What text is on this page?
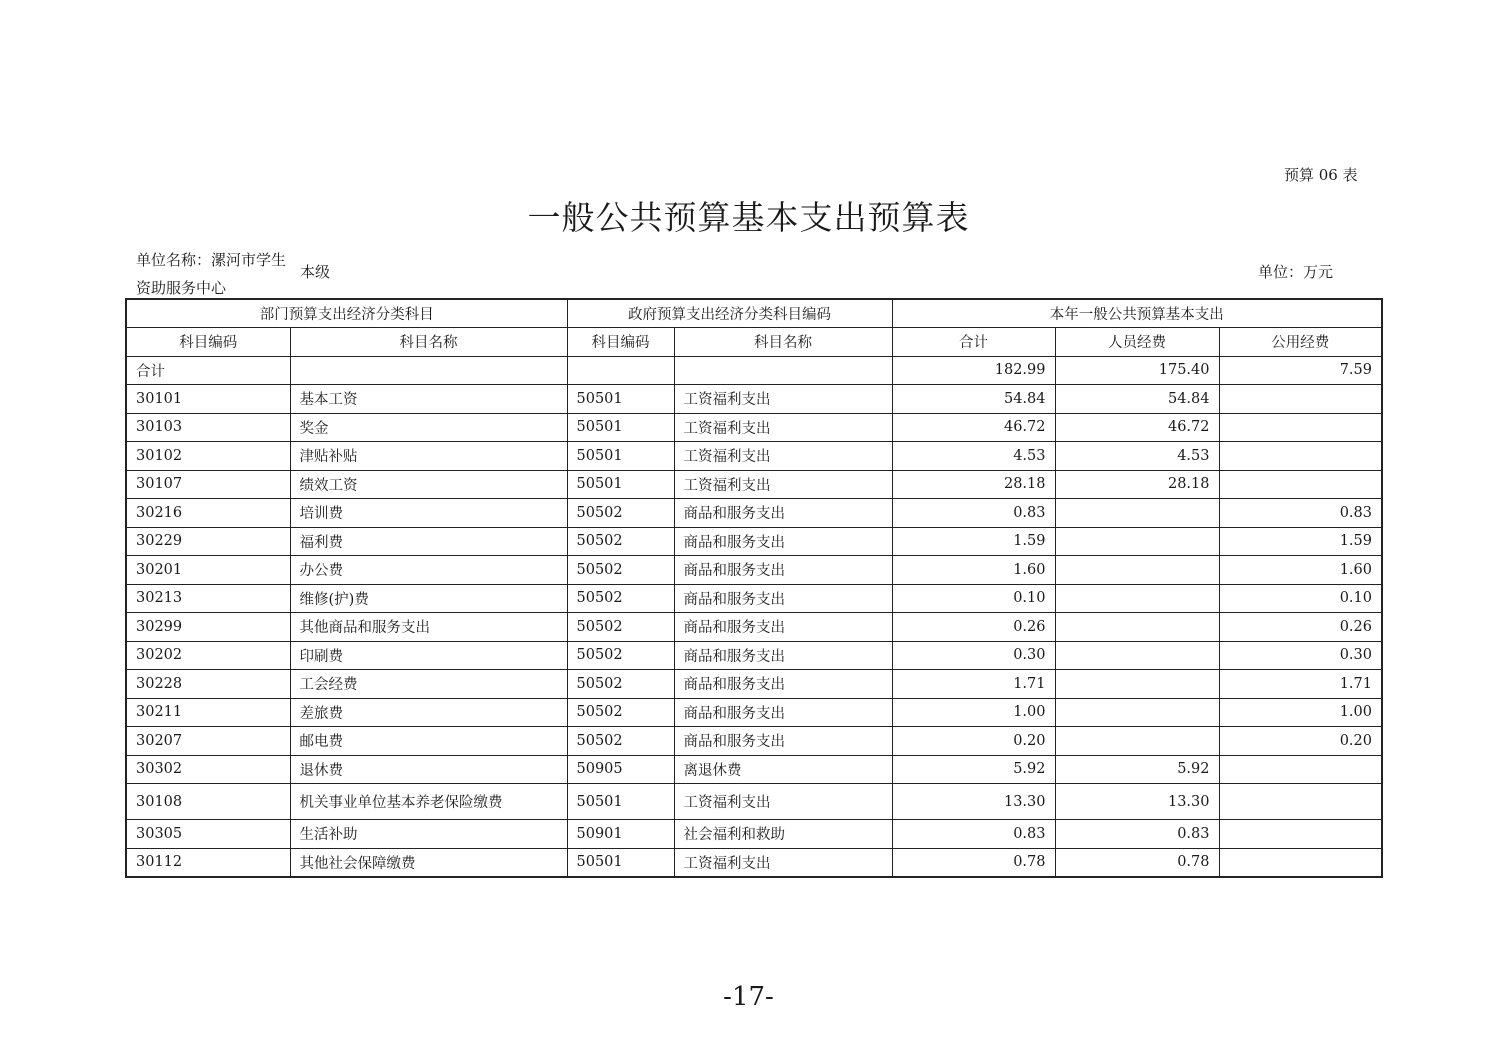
预算 06 表
一般公共预算基本支出预算表
单位名称：漯河市学生资助服务中心
本级	单位：万元
部门预算支出经济分类科目		政府预算支出经济分类科目编码		本年一般公共预算基本支出		
科目编码	科目名称	科目编码	科目名称	合计	人员经费	公用经费
合计				182.99	175.40	7.59
30101	基本工资	50501	工资福利支出	54.84	54.84	
30103	奖金	50501	工资福利支出	46.72	46.72	
30102	津贴补贴	50501	工资福利支出	4.53	4.53	
30107	绩效工资	50501	工资福利支出	28.18	28.18	
30216	培训费	50502	商品和服务支出	0.83		0.83
30229	福利费	50502	商品和服务支出	1.59		1.59
30201	办公费	50502	商品和服务支出	1.60		1.60
30213	维修(护)费	50502	商品和服务支出	0.10		0.10
30299	其他商品和服务支出	50502	商品和服务支出	0.26		0.26
30202	印刷费	50502	商品和服务支出	0.30		0.30
30228	工会经费	50502	商品和服务支出	1.71		1.71
30211	差旅费	50502	商品和服务支出	1.00		1.00
30207	邮电费	50502	商品和服务支出	0.20		0.20
30302	退休费	50905	离退休费	5.92	5.92	
30108	机关事业单位基本养老保险缴费	50501	工资福利支出	13.30	13.30	
30305	生活补助	50901	社会福利和救助	0.83	0.83	
30112	其他社会保障缴费	50501	工资福利支出	0.78	0.78	
-17-
